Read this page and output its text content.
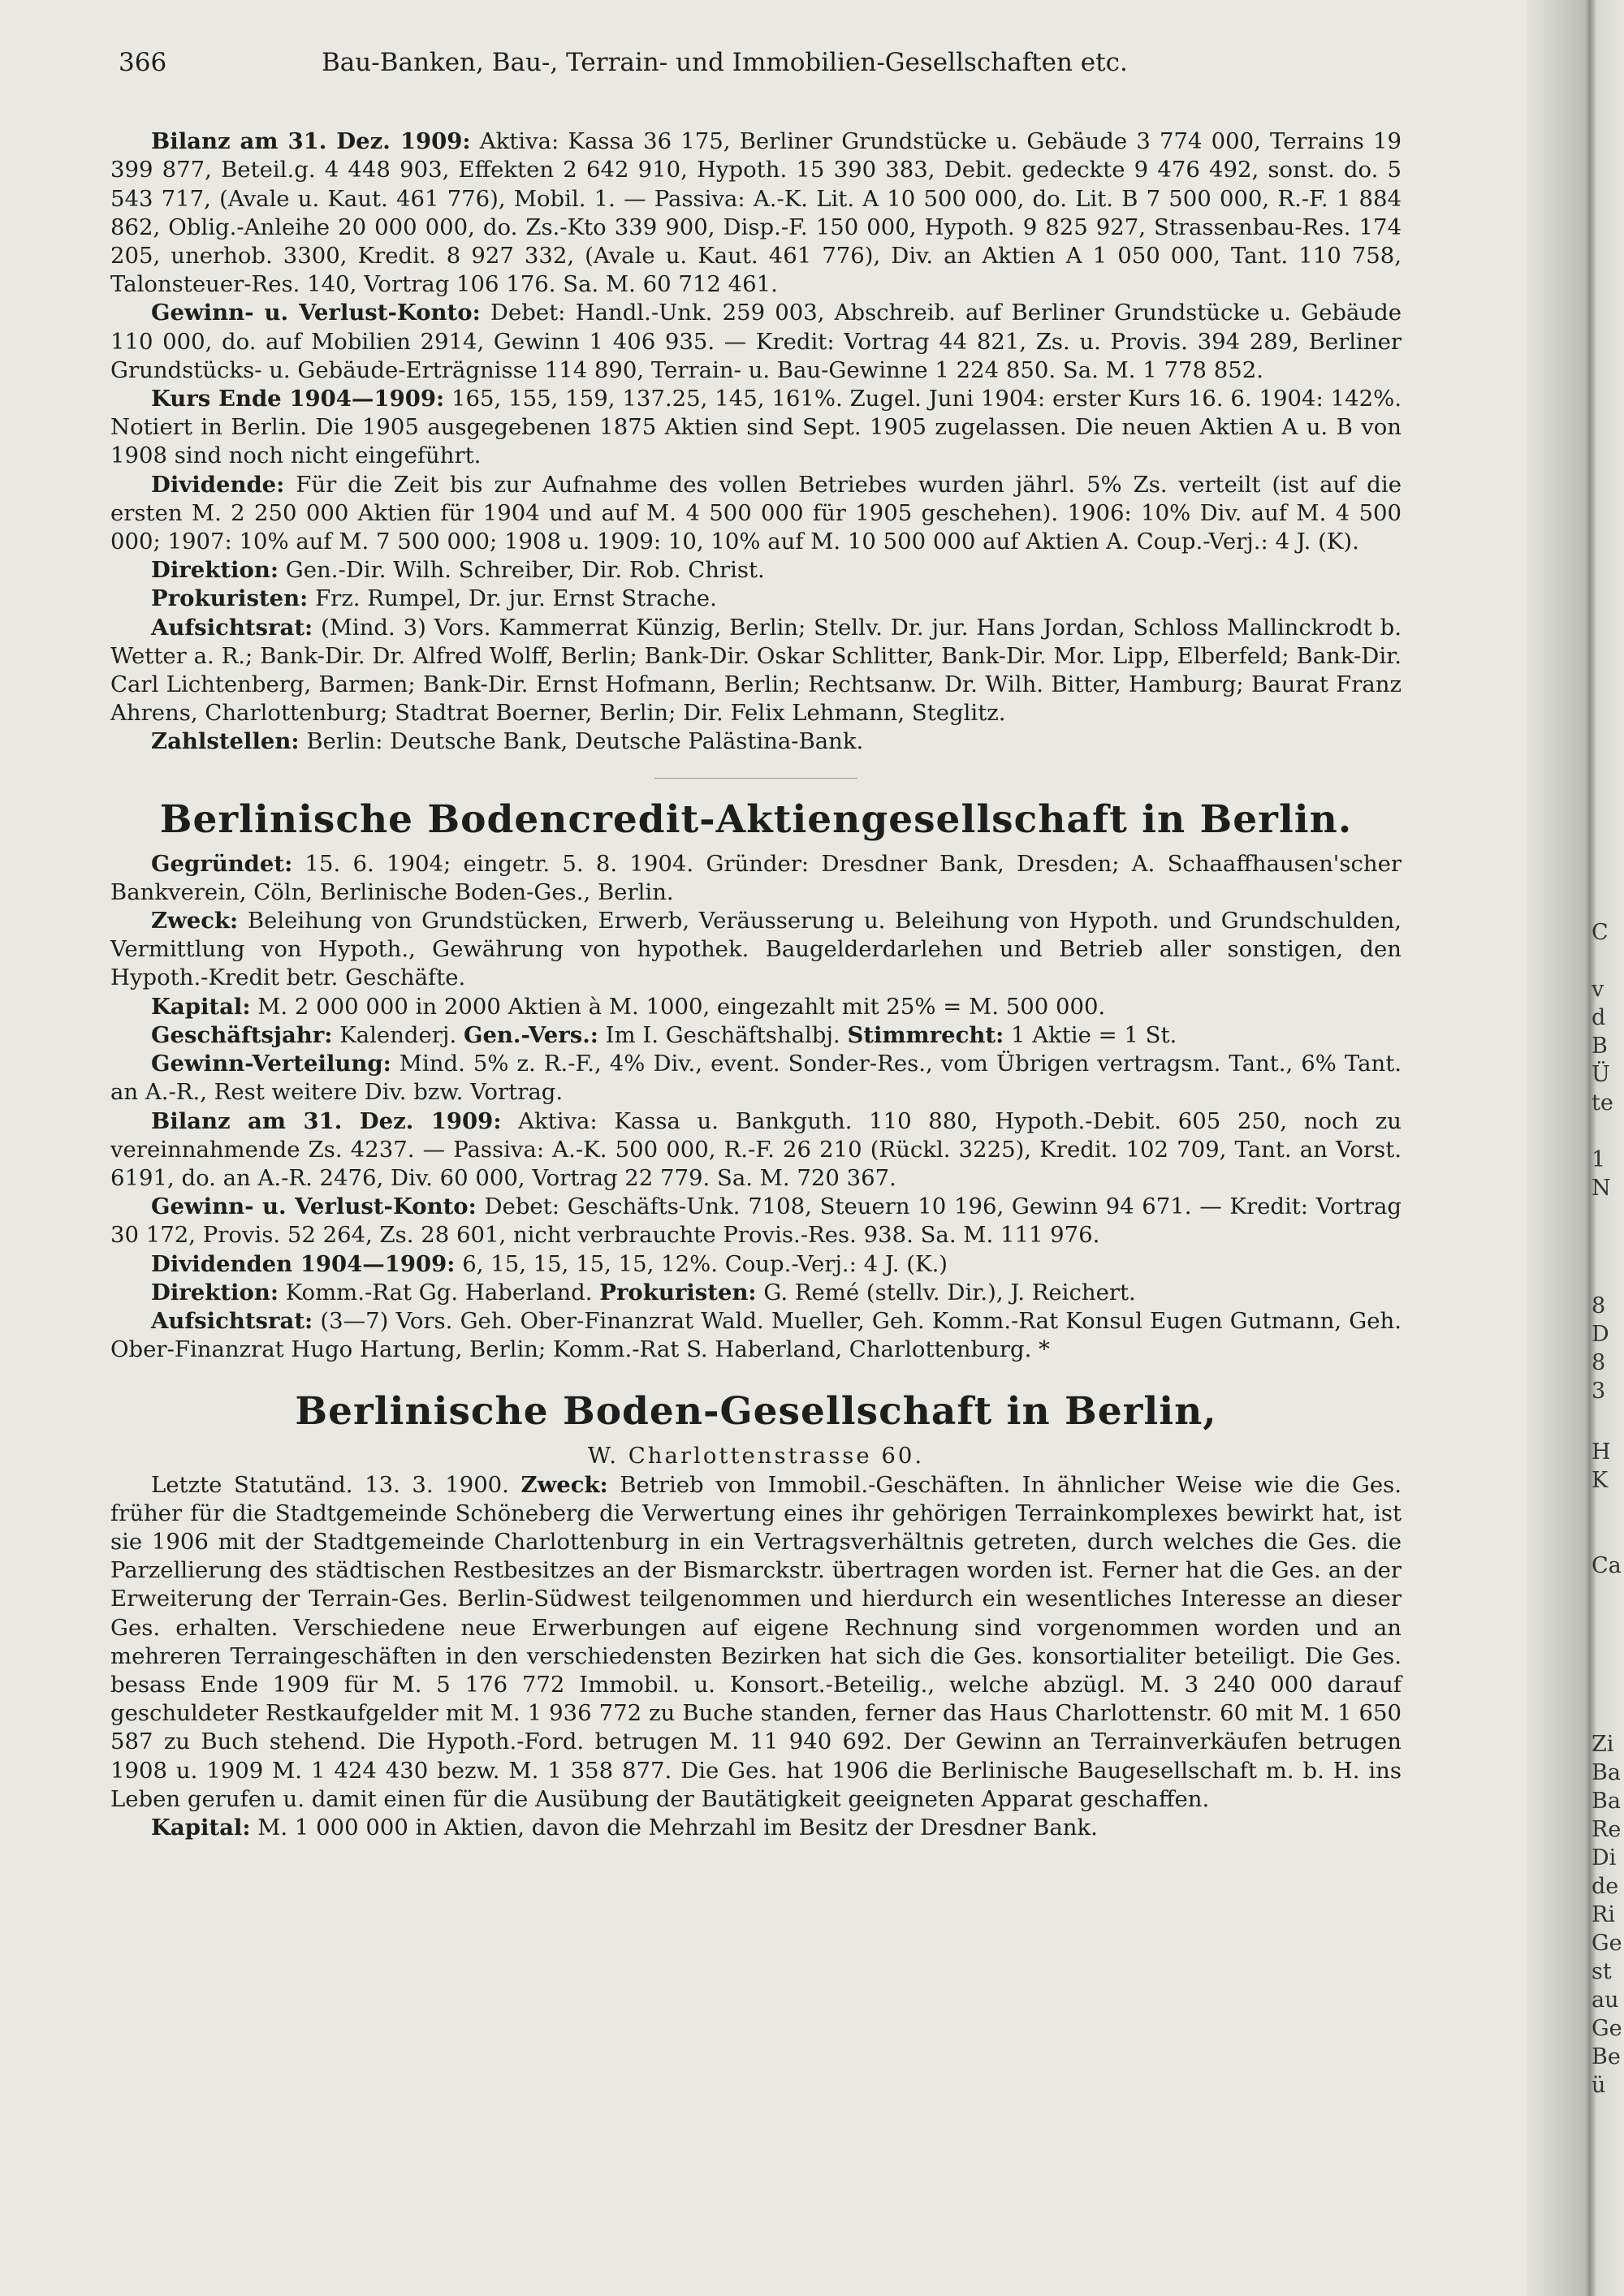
366	Bau-Banken, Bau-, Terrain- und Immobilien-Gesellschaften etc.

Bilanz am 31. Dez. 1909: Aktiva: Kassa 36 175, Berliner Grundstücke u. Gebäude 3 774 000, Terrains 19 399 877, Beteil.g. 4 448 903, Effekten 2 642 910, Hypoth. 15 390 383, Debit. gedeckte 9 476 492, sonst. do. 5 543 717, (Avale u. Kaut. 461 776), Mobil. 1. — Passiva: A.-K. Lit. A 10 500 000, do. Lit. B 7 500 000, R.-F. 1 884 862, Oblig.-Anleihe 20 000 000, do. Zs.-Kto 339 900, Disp.-F. 150 000, Hypoth. 9 825 927, Strassenbau-Res. 174 205, unerhob. 3300, Kredit. 8 927 332, (Avale u. Kaut. 461 776), Div. an Aktien A 1 050 000, Tant. 110 758, Talonsteuer-Res. 140, Vortrag 106 176. Sa. M. 60 712 461.

Gewinn- u. Verlust-Konto: Debet: Handl.-Unk. 259 003, Abschreib. auf Berliner Grundstücke u. Gebäude 110 000, do. auf Mobilien 2914, Gewinn 1 406 935. — Kredit: Vortrag 44 821, Zs. u. Provis. 394 289, Berliner Grundstücks- u. Gebäude-Erträgnisse 114 890, Terrain- u. Bau-Gewinne 1 224 850. Sa. M. 1 778 852.

Kurs Ende 1904—1909: 165, 155, 159, 137.25, 145, 161%. Zugel. Juni 1904: erster Kurs 16. 6. 1904: 142%. Notiert in Berlin. Die 1905 ausgegebenen 1875 Aktien sind Sept. 1905 zugelassen. Die neuen Aktien A u. B von 1908 sind noch nicht eingeführt.

Dividende: Für die Zeit bis zur Aufnahme des vollen Betriebes wurden jährl. 5% Zs. verteilt (ist auf die ersten M. 2 250 000 Aktien für 1904 und auf M. 4 500 000 für 1905 geschehen). 1906: 10% Div. auf M. 4 500 000; 1907: 10% auf M. 7 500 000; 1908 u. 1909: 10, 10% auf M. 10 500 000 auf Aktien A. Coup.-Verj.: 4 J. (K).

Direktion: Gen.-Dir. Wilh. Schreiber, Dir. Rob. Christ.

Prokuristen: Frz. Rumpel, Dr. jur. Ernst Strache.

Aufsichtsrat: (Mind. 3) Vors. Kammerrat Künzig, Berlin; Stellv. Dr. jur. Hans Jordan, Schloss Mallinckrodt b. Wetter a. R.; Bank-Dir. Dr. Alfred Wolff, Berlin; Bank-Dir. Oskar Schlitter, Bank-Dir. Mor. Lipp, Elberfeld; Bank-Dir. Carl Lichtenberg, Barmen; Bank-Dir. Ernst Hofmann, Berlin; Rechtsanw. Dr. Wilh. Bitter, Hamburg; Baurat Franz Ahrens, Charlottenburg; Stadtrat Boerner, Berlin; Dir. Felix Lehmann, Steglitz.

Zahlstellen: Berlin: Deutsche Bank, Deutsche Palästina-Bank.

Berlinische Bodencredit-Aktiengesellschaft in Berlin.

Gegründet: 15. 6. 1904; eingetr. 5. 8. 1904. Gründer: Dresdner Bank, Dresden; A. Schaaffhausen'scher Bankverein, Cöln, Berlinische Boden-Ges., Berlin.

Zweck: Beleihung von Grundstücken, Erwerb, Veräusserung u. Beleihung von Hypoth. und Grundschulden, Vermittlung von Hypoth., Gewährung von hypothek. Baugelderdarlehen und Betrieb aller sonstigen, den Hypoth.-Kredit betr. Geschäfte.

Kapital: M. 2 000 000 in 2000 Aktien à M. 1000, eingezahlt mit 25% = M. 500 000.

Geschäftsjahr: Kalenderj. Gen.-Vers.: Im I. Geschäftshalbj. Stimmrecht: 1 Aktie = 1 St.

Gewinn-Verteilung: Mind. 5% z. R.-F., 4% Div., event. Sonder-Res., vom Übrigen vertragsm. Tant., 6% Tant. an A.-R., Rest weitere Div. bzw. Vortrag.

Bilanz am 31. Dez. 1909: Aktiva: Kassa u. Bankguth. 110 880, Hypoth.-Debit. 605 250, noch zu vereinnahmende Zs. 4237. — Passiva: A.-K. 500 000, R.-F. 26 210 (Rückl. 3225), Kredit. 102 709, Tant. an Vorst. 6191, do. an A.-R. 2476, Div. 60 000, Vortrag 22 779. Sa. M. 720 367.

Gewinn- u. Verlust-Konto: Debet: Geschäfts-Unk. 7108, Steuern 10 196, Gewinn 94 671. — Kredit: Vortrag 30 172, Provis. 52 264, Zs. 28 601, nicht verbrauchte Provis.-Res. 938. Sa. M. 111 976.

Dividenden 1904—1909: 6, 15, 15, 15, 15, 12%. Coup.-Verj.: 4 J. (K.)

Direktion: Komm.-Rat Gg. Haberland. Prokuristen: G. Remé (stellv. Dir.), J. Reichert.

Aufsichtsrat: (3—7) Vors. Geh. Ober-Finanzrat Wald. Mueller, Geh. Komm.-Rat Konsul Eugen Gutmann, Geh. Ober-Finanzrat Hugo Hartung, Berlin; Komm.-Rat S. Haberland, Charlottenburg. *

Berlinische Boden-Gesellschaft in Berlin,

W. Charlottenstrasse 60.

Letzte Statutänd. 13. 3. 1900. Zweck: Betrieb von Immobil.-Geschäften. In ähnlicher Weise wie die Ges. früher für die Stadtgemeinde Schöneberg die Verwertung eines ihr gehörigen Terrainkomplexes bewirkt hat, ist sie 1906 mit der Stadtgemeinde Charlottenburg in ein Vertragsverhältnis getreten, durch welches die Ges. die Parzellierung des städtischen Restbesitzes an der Bismarckstr. übertragen worden ist. Ferner hat die Ges. an der Erweiterung der Terrain-Ges. Berlin-Südwest teilgenommen und hierdurch ein wesentliches Interesse an dieser Ges. erhalten. Verschiedene neue Erwerbungen auf eigene Rechnung sind vorgenommen worden und an mehreren Terraingeschäften in den verschiedensten Bezirken hat sich die Ges. konsortialiter beteiligt. Die Ges. besass Ende 1909 für M. 5 176 772 Immobil. u. Konsort.-Beteilig., welche abzügl. M. 3 240 000 darauf geschuldeter Restkaufgelder mit M. 1 936 772 zu Buche standen, ferner das Haus Charlottenstr. 60 mit M. 1 650 587 zu Buch stehend. Die Hypoth.-Ford. betrugen M. 11 940 692. Der Gewinn an Terrainverkäufen betrugen 1908 u. 1909 M. 1 424 430 bezw. M. 1 358 877. Die Ges. hat 1906 die Berlinische Baugesellschaft m. b. H. ins Leben gerufen u. damit einen für die Ausübung der Bautätigkeit geeigneten Apparat geschaffen.

Kapital: M. 1 000 000 in Aktien, davon die Mehrzahl im Besitz der Dresdner Bank.

C
v
d
B
Ü
te
1
N
8
D
8
3
H
K
Ca
Zi
Ba
Ba
Re
Di
de
Ri
Ge
st
au
Ge
Be
ü
